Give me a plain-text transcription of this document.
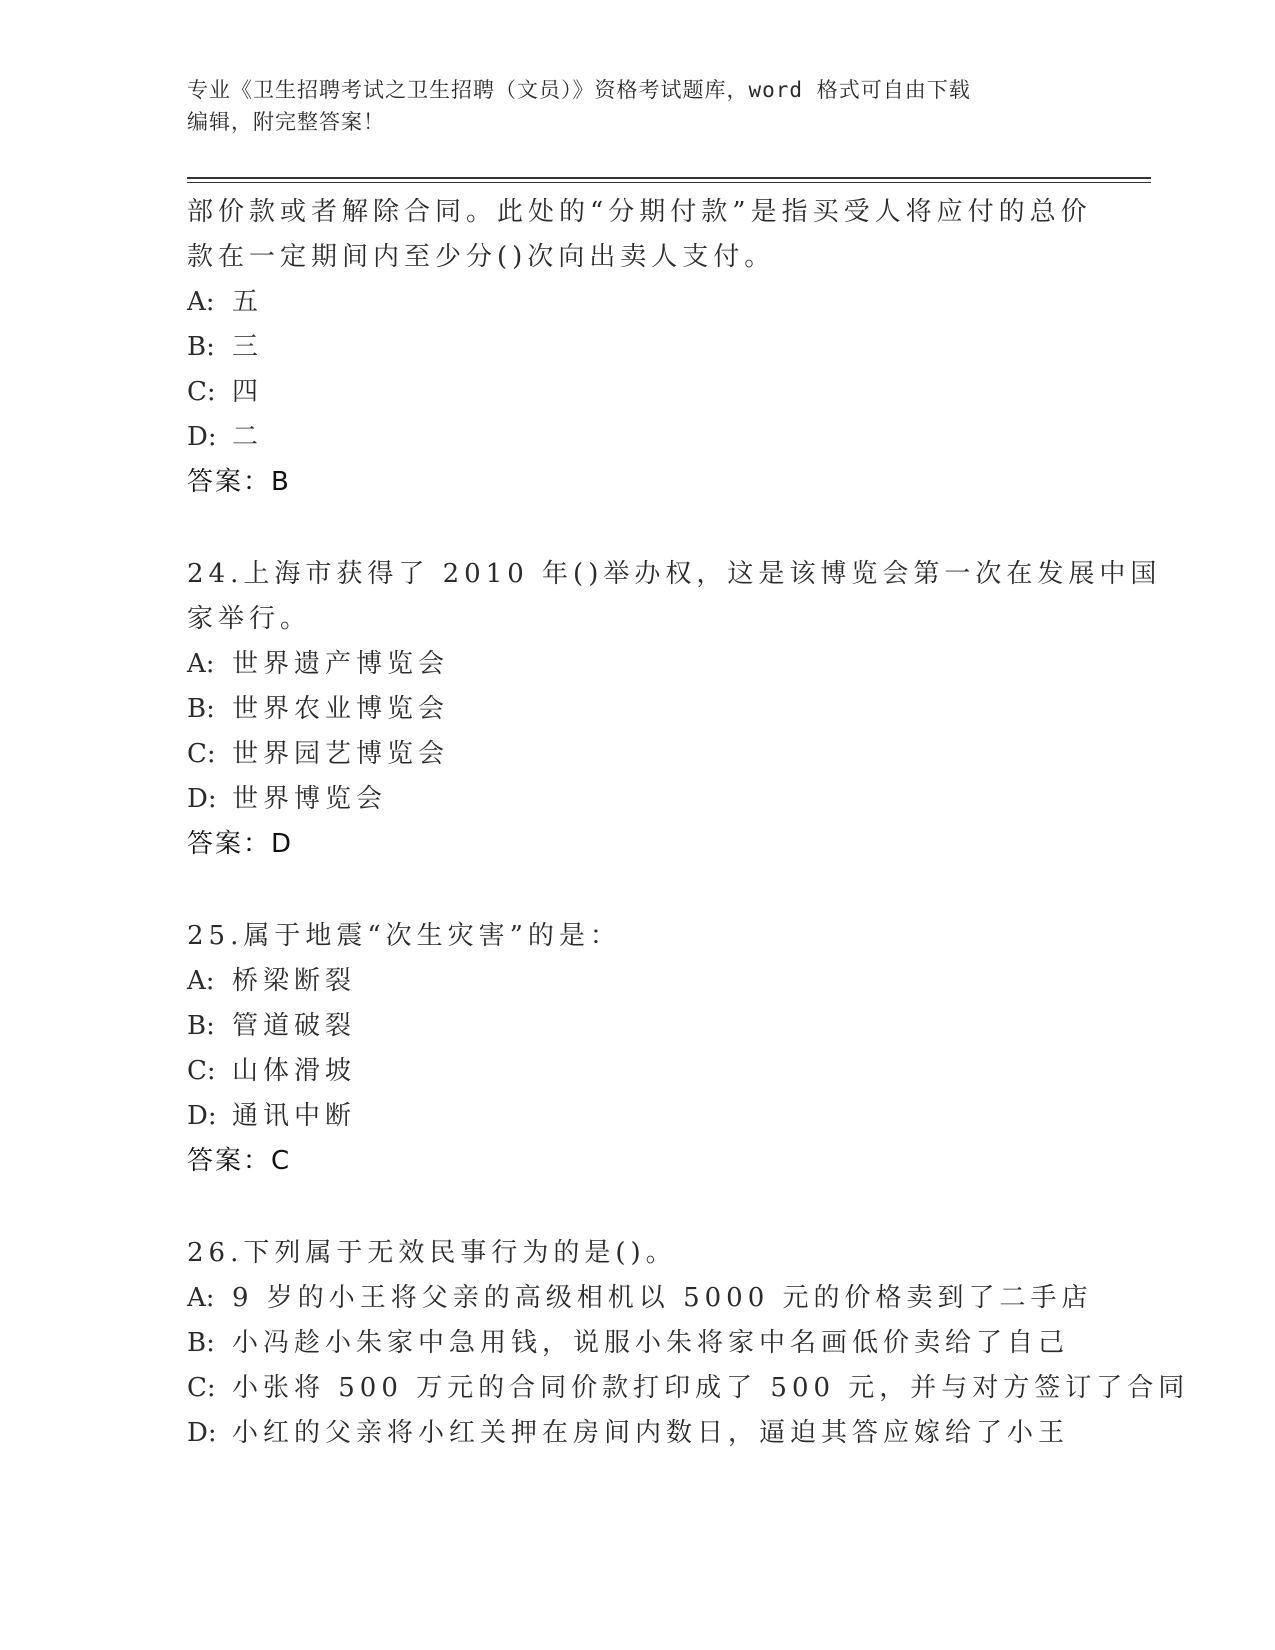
专业《卫生招聘考试之卫生招聘（文员）》资格考试题库，word 格式可自由下载
编辑，附完整答案！
部价款或者解除合同。此处的“分期付款”是指买受人将应付的总价
款在一定期间内至少分()次向出卖人支付。
A: 五
B: 三
C: 四
D: 二
答案：B
24.上海市获得了 2010 年()举办权，这是该博览会第一次在发展中国
家举行。
A: 世界遗产博览会
B: 世界农业博览会
C: 世界园艺博览会
D: 世界博览会
答案：D
25.属于地震“次生灾害”的是：
A: 桥梁断裂
B: 管道破裂
C: 山体滑坡
D: 通讯中断
答案：C
26.下列属于无效民事行为的是()。
A: 9 岁的小王将父亲的高级相机以 5000 元的价格卖到了二手店
B: 小冯趁小朱家中急用钱，说服小朱将家中名画低价卖给了自己
C: 小张将 500 万元的合同价款打印成了 500 元，并与对方签订了合同
D: 小红的父亲将小红关押在房间内数日，逼迫其答应嫁给了小王
